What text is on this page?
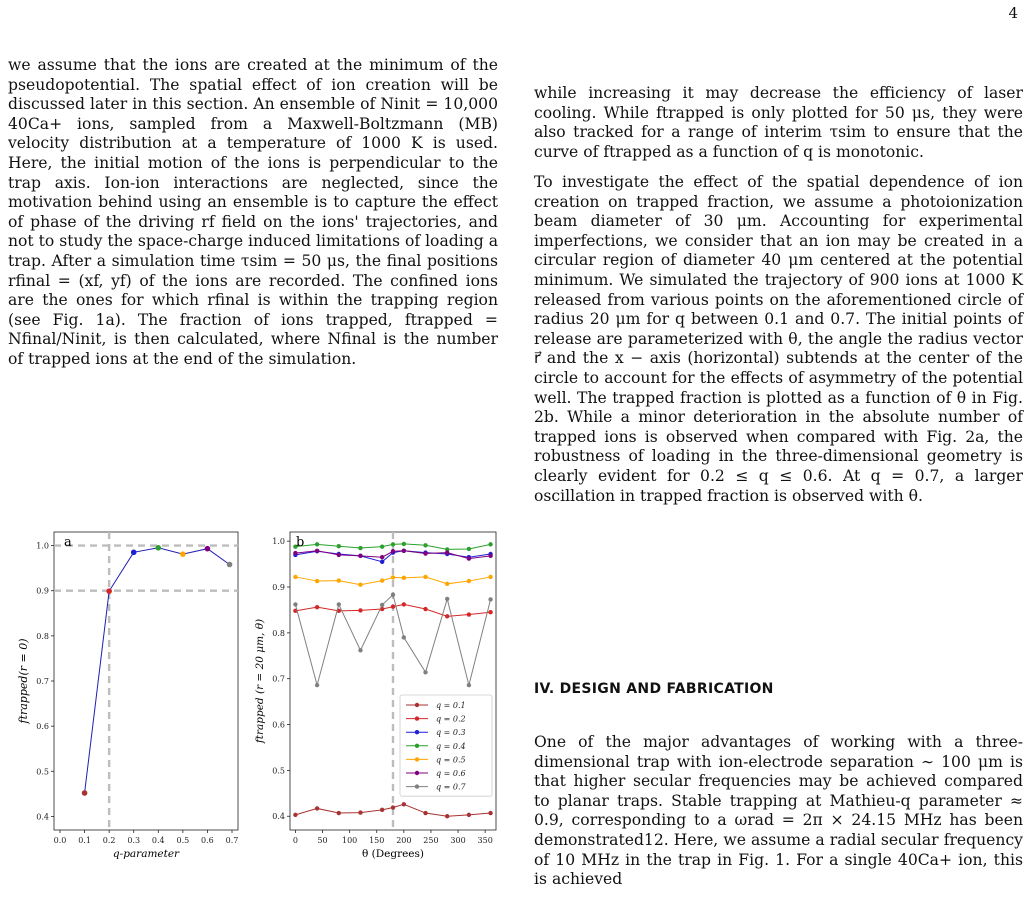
4

we assume that the ions are created at the minimum of the pseudopotential. The spatial effect of ion creation will be discussed later in this section. An ensemble of Ninit = 10,000 40Ca+ ions, sampled from a Maxwell-Boltzmann (MB) velocity distribution at a temperature of 1000 K is used. Here, the initial motion of the ions is perpendicular to the trap axis. Ion-ion interactions are neglected, since the motivation behind using an ensemble is to capture the effect of phase of the driving rf field on the ions' trajectories, and not to study the space-charge induced limitations of loading a trap. After a simulation time τsim = 50 μs, the final positions rfinal = (xf, yf) of the ions are recorded. The confined ions are the ones for which rfinal is within the trapping region (see Fig. 1a). The fraction of ions trapped, ftrapped = Nfinal/Ninit, is then calculated, where Nfinal is the number of trapped ions at the end of the simulation.

while increasing it may decrease the efficiency of laser cooling. While ftrapped is only plotted for 50 μs, they were also tracked for a range of interim τsim to ensure that the curve of ftrapped as a function of q is monotonic.

To investigate the effect of the spatial dependence of ion creation on trapped fraction, we assume a photoionization beam diameter of 30 μm. Accounting for experimental imperfections, we consider that an ion may be created in a circular region of diameter 40 μm centered at the potential minimum. We simulated the trajectory of 900 ions at 1000 K released from various points on the aforementioned circle of radius 20 μm for q between 0.1 and 0.7. The initial points of release are parameterized with θ, the angle the radius vector r⃗ and the x − axis (horizontal) subtends at the center of the circle to account for the effects of asymmetry of the potential well. The trapped fraction is plotted as a function of θ in Fig. 2b. While a minor deterioration in the absolute number of trapped ions is observed when compared with Fig. 2a, the robustness of loading in the three-dimensional geometry is clearly evident for 0.2 ≤ q ≤ 0.6. At q = 0.7, a larger oscillation in trapped fraction is observed with θ.

IV. DESIGN AND FABRICATION

One of the major advantages of working with a three-dimensional trap with ion-electrode separation ∼ 100 μm is that higher secular frequencies may be achieved compared to planar traps. Stable trapping at Mathieu-q parameter ≈ 0.9, corresponding to a ωrad = 2π × 24.15 MHz has been demonstrated12. Here, we assume a radial secular frequency of 10 MHz in the trap in Fig. 1. For a single 40Ca+ ion, this is achieved

0.0 0.1 0.2 0.3 0.4 0.5 0.6 0.7
0.4
0.5
0.6
0.7
0.8
0.9
1.0 a
q-parameter
ftrapped(r = 0)
0 50 100 150 200 250 300 350
0.4
0.5
0.6
0.7
0.8
0.9
1.0
q = 0.1
q = 0.2
q = 0.3
q = 0.4
q = 0.5
q = 0.6
q = 0.7
b
θ (Degrees)
ftrapped (r = 20 μm, θ)
